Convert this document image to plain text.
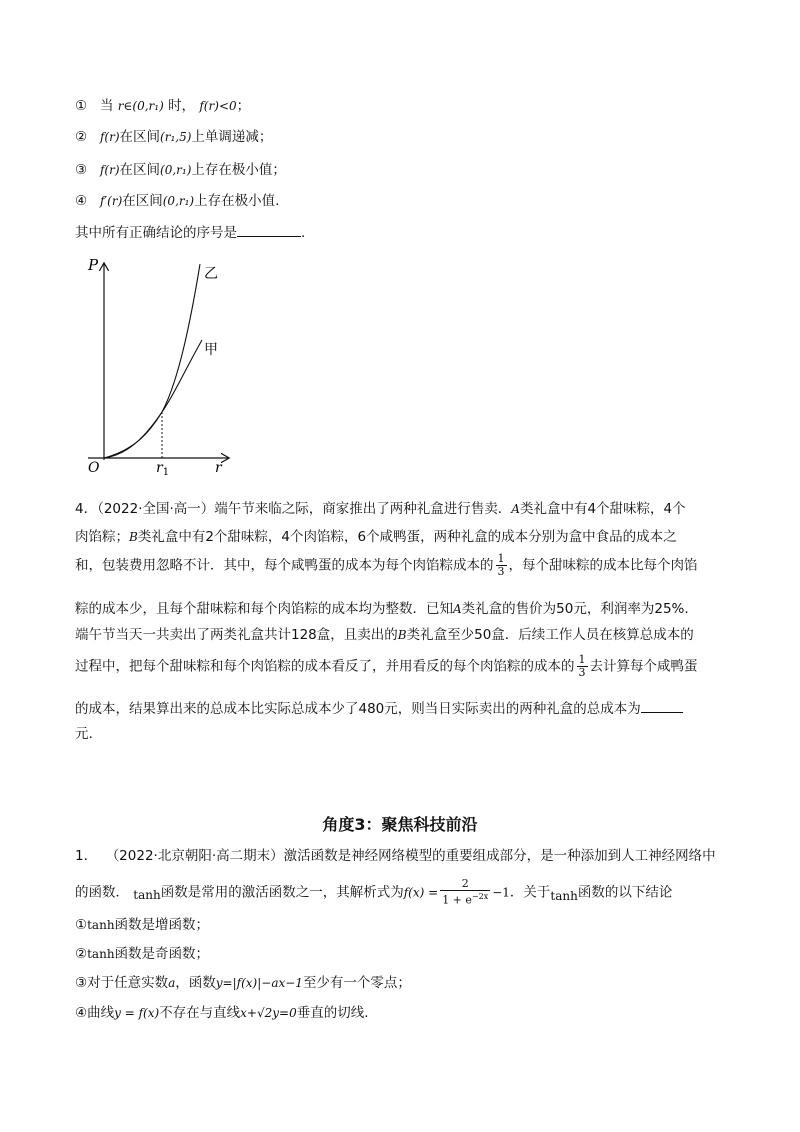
① 当 r∈(0,r₁) 时， f(r)<0；
② f(r)在区间(r₁,5)上单调递减；
③ f(r)在区间(0,r₁)上存在极小值；
④ f′(r)在区间(0,r₁)上存在极小值.
其中所有正确结论的序号是	.
P
O	r
$r_1$
乙
甲
4．（2022·全国·高一）端午节来临之际，商家推出了两种礼盒进行售卖．A类礼盒中有4个甜味粽，4个
肉馅粽；B类礼盒中有2个甜味粽，4个肉馅粽，6个咸鸭蛋，两种礼盒的成本分别为盒中食品的成本之
和，包装费用忽略不计．其中，每个咸鸭蛋的成本为每个肉馅粽成本的 $\frac{1}{3}$ ，每个甜味粽的成本比每个肉馅
粽的成本少，且每个甜味粽和每个肉馅粽的成本均为整数．已知A类礼盒的售价为50元，利润率为25%.
端午节当天一共卖出了两类礼盒共计128盒，且卖出的B类礼盒至少50盒．后续工作人员在核算总成本的
过程中，把每个甜味粽和每个肉馅粽的成本看反了，并用看反的每个肉馅粽的成本的 $\frac{1}{3}$ 去计算每个咸鸭蛋
的成本，结果算出来的总成本比实际总成本少了480元，则当日实际卖出的两种礼盒的总成本为
元.
角度3：聚焦科技前沿
1． （2022·北京朝阳·高二期末）激活函数是神经网络模型的重要组成部分，是一种添加到人工神经网络中
的函数． tanh函数是常用的激活函数之一，其解析式为$f(x) = \frac{2}{1 + e^{-2x}} -1$．关于tanh函数的以下结论
①tanh函数是增函数；
②tanh函数是奇函数；
③对于任意实数a，函数y=|f(x)|−ax−1至少有一个零点；
④曲线y = f(x)不存在与直线x+√2y=0垂直的切线.
